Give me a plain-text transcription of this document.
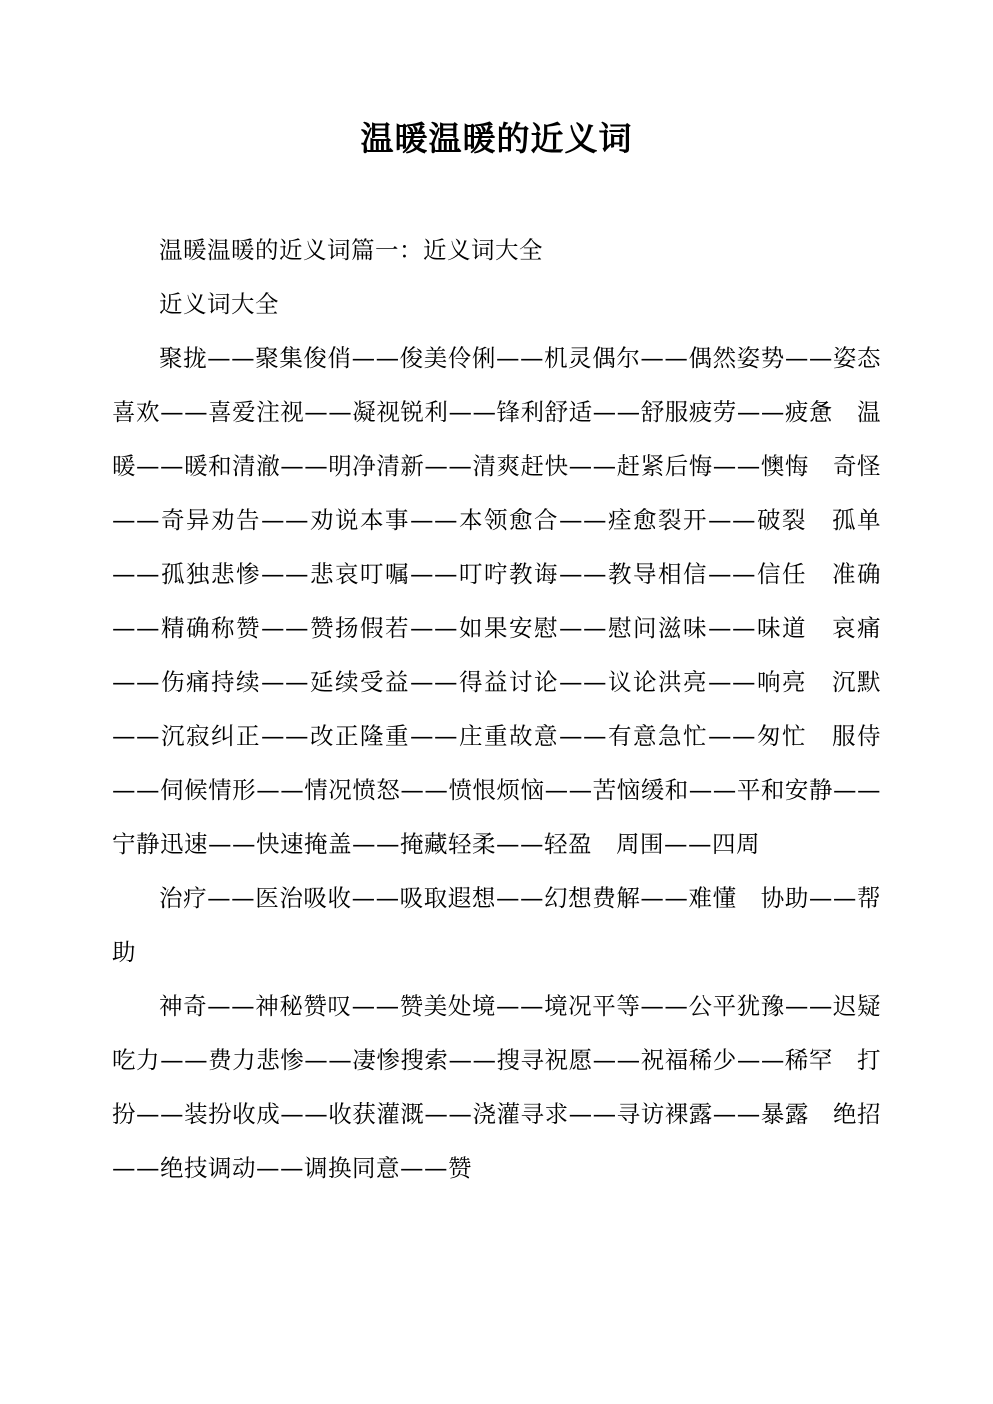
温暖温暖的近义词

温暖温暖的近义词篇一：近义词大全

近义词大全

聚拢——聚集俊俏——俊美伶俐——机灵偶尔——偶然姿势——姿态　喜欢——喜爱注视——凝视锐利——锋利舒适——舒服疲劳——疲惫　温暖——暖和清澈——明净清新——清爽赶快——赶紧后悔——懊悔　奇怪——奇异劝告——劝说本事——本领愈合——痊愈裂开——破裂　孤单——孤独悲惨——悲哀叮嘱——叮咛教诲——教导相信——信任　准确——精确称赞——赞扬假若——如果安慰——慰问滋味——味道　哀痛——伤痛持续——延续受益——得益讨论——议论洪亮——响亮　沉默——沉寂纠正——改正隆重——庄重故意——有意急忙——匆忙　服侍——伺候情形——情况愤怒——愤恨烦恼——苦恼缓和——平和安静——宁静迅速——快速掩盖——掩藏轻柔——轻盈　周围——四周

治疗——医治吸收——吸取遐想——幻想费解——难懂　协助——帮助

神奇——神秘赞叹——赞美处境——境况平等——公平犹豫——迟疑　吃力——费力悲惨——凄惨搜索——搜寻祝愿——祝福稀少——稀罕　打扮——装扮收成——收获灌溉——浇灌寻求——寻访裸露——暴露　绝招——绝技调动——调换同意——赞
